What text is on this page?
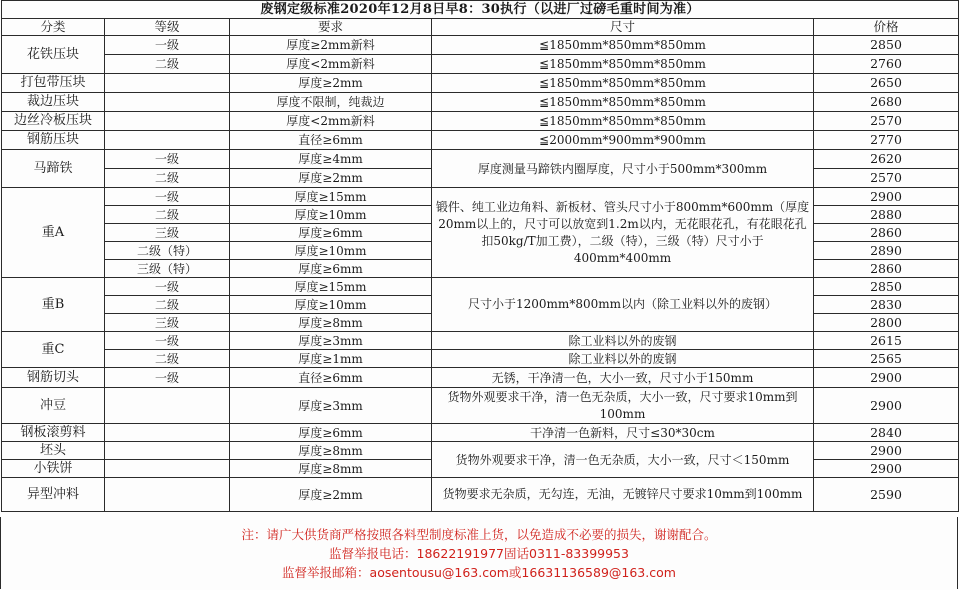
废钢定级标准2020年12月8日早8：30执行（以进厂过磅毛重时间为准）				
分类	等级	要求	尺寸	价格
花铁压块	一级	厚度≥2mm新料	≦1850mm*850mm*850mm	2850
	二级	厚度<2mm新料	≦1850mm*850mm*850mm	2760
打包带压块		厚度≥2mm	≦1850mm*850mm*850mm	2650
裁边压块		厚度不限制，纯裁边	≦1850mm*850mm*850mm	2680
边丝冷板压块		厚度<2mm新料	≦1850mm*850mm*850mm	2570
钢筋压块		直径≥6mm	≦2000mm*900mm*900mm	2770
马蹄铁	一级	厚度≥4mm	厚度测量马蹄铁内圈厚度，尺寸小于500mm*300mm	2620
	二级	厚度≥2mm		2570
重A	一级	厚度≥15mm	锻件、纯工业边角料、新板材、管头尺寸小于800mm*600mm（厚度20mm以上的，尺寸可以放宽到1.2m以内，无花眼花孔，有花眼花孔扣50kg/T加工费），二级（特），三级（特）尺寸小于400mm*400mm	2900
	二级	厚度≥10mm		2880
	三级	厚度≥6mm		2860
	二级（特）	厚度≥10mm		2890
	三级（特）	厚度≥6mm		2860
重B	一级	厚度≥15mm	尺寸小于1200mm*800mm以内（除工业料以外的废钢）	2850
	二级	厚度≥10mm		2830
	三级	厚度≥8mm		2800
重C	一级	厚度≥3mm	除工业料以外的废钢	2615
	二级	厚度≥1mm	除工业料以外的废钢	2565
钢筋切头	一级	直径≥6mm	无锈，干净清一色，大小一致，尺寸小于150mm	2900
冲豆		厚度≥3mm	货物外观要求干净，清一色无杂质，大小一致，尺寸要求10mm到100mm	2900
钢板滚剪料		厚度≥6mm	干净清一色新料，尺寸≤30*30cm	2840
坯头		厚度≥8mm	货物外观要求干净，清一色无杂质，大小一致，尺寸＜150mm	2900
小铁饼		厚度≥8mm		2900
异型冲料		厚度≥2mm	货物要求无杂质，无勾连，无油，无镀锌尺寸要求10mm到100mm	2590
注：请广大供货商严格按照各料型制度标准上货，以免造成不必要的损失，谢谢配合。
监督举报电话：18622191977固话0311-83399953
监督举报邮箱：aosentousu@163.com或16631136589@163.com
